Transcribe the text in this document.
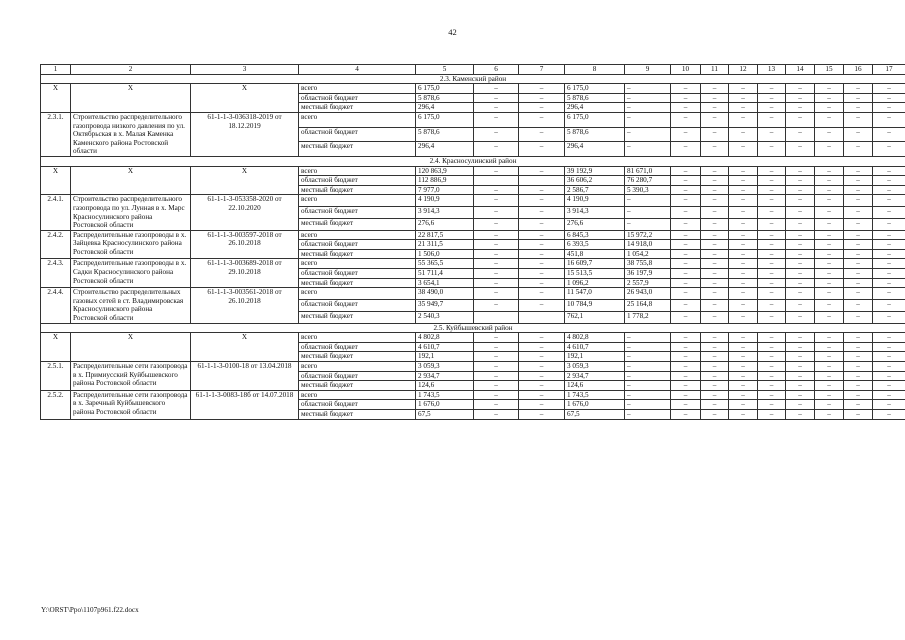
42
1	2	3	4	5	6	7	8	9	10	11	12	13	14	15	16	17
2.3. Каменский район																
X	X	X	всего	6 175,0	–	–	6 175,0	–	–	–	–	–	–	–	–	–
			областной бюджет	5 878,6	–	–	5 878,6	–	–	–	–	–	–	–	–	–
			местный бюджет	296,4	–	–	296,4	–	–	–	–	–	–	–	–	–
2.3.1.	Строительство распределительного газопровода низкого давления по ул. Октябрьская в х. Малая Каменка Каменского района Ростовской области	61-1-1-3-036318-2019 от 18.12.2019	всего	6 175,0	–	–	6 175,0	–	–	–	–	–	–	–	–	–
			областной бюджет	5 878,6	–	–	5 878,6	–	–	–	–	–	–	–	–	–
			местный бюджет	296,4	–	–	296,4	–	–	–	–	–	–	–	–	–
2.4. Красносулинский район																
X	X	X	всего	120 863,9	–	–	39 192,9	81 671,0	–	–	–	–	–	–	–	–
			областной бюджет	112 886,9			36 606,2	76 280,7	–	–	–	–	–	–	–	–
			местный бюджет	7 977,0	–	–	2 586,7	5 390,3	–	–	–	–	–	–	–	–
2.4.1.	Строительство распределительного газопровода по ул. Лунная в х. Марс Красносулинского района Ростовской области	61-1-1-3-053358-2020 от 22.10.2020	всего	4 190,9	–	–	4 190,9	–	–	–	–	–	–	–	–	–
			областной бюджет	3 914,3	–	–	3 914,3	–	–	–	–	–	–	–	–	–
			местный бюджет	276,6	–	–	276,6	–	–	–	–	–	–	–	–	–
2.4.2.	Распределительные газопроводы в х. Зайцевка Красносулинского района Ростовской области	61-1-1-3-003597-2018 от 26.10.2018	всего	22 817,5	–	–	6 845,3	15 972,2	–	–	–	–	–	–	–	–
			областной бюджет	21 311,5	–	–	6 393,5	14 918,0	–	–	–	–	–	–	–	–
			местный бюджет	1 506,0	–	–	451,8	1 054,2	–	–	–	–	–	–	–	–
2.4.3.	Распределительные газопроводы в х. Садки Красносулинского района Ростовской области	61-1-1-3-003689-2018 от 29.10.2018	всего	55 365,5	–	–	16 609,7	38 755,8	–	–	–	–	–	–	–	–
			областной бюджет	51 711,4	–	–	15 513,5	36 197,9	–	–	–	–	–	–	–	–
			местный бюджет	3 654,1	–	–	1 096,2	2 557,9	–	–	–	–	–	–	–	–
2.4.4.	Строительство распределительных газовых сетей в ст. Владимировская Красносулинского района Ростовской области	61-1-1-3-003561-2018 от 26.10.2018	всего	38 490,0	–	–	11 547,0	26 943,0	–	–	–	–	–	–	–	–
			областной бюджет	35 949,7	–	–	10 784,9	25 164,8	–	–	–	–	–	–	–	–
			местный бюджет	2 540,3			762,1	1 778,2	–	–	–	–	–	–	–	–
2.5. Куйбышевский район																
X	X	X	всего	4 802,8	–	–	4 802,8	–	–	–	–	–	–	–	–	–
			областной бюджет	4 610,7	–	–	4 610,7	–	–	–	–	–	–	–	–	–
			местный бюджет	192,1	–	–	192,1	–	–	–	–	–	–	–	–	–
2.5.1.	Распределительные сети газопровода в х. Примиусский Куйбышевского района Ростовской области	61-1-1-3-0100-18 от 13.04.2018	всего	3 059,3	–	–	3 059,3	–	–	–	–	–	–	–	–	–
			областной бюджет	2 934,7	–	–	2 934,7	–	–	–	–	–	–	–	–	–
			местный бюджет	124,6	–	–	124,6	–	–	–	–	–	–	–	–	–
2.5.2.	Распределительные сети газопровода в х. Заречный Куйбышевского района Ростовской области	61-1-1-3-0083-18б от 14.07.2018	всего	1 743,5	–	–	1 743,5	–	–	–	–	–	–	–	–	–
			областной бюджет	1 676,0	–	–	1 676,0	–	–	–	–	–	–	–	–	–
			местный бюджет	67,5	–	–	67,5	–	–	–	–	–	–	–	–	–
Y:\ORST\Ppo\1107p961.f22.docx
